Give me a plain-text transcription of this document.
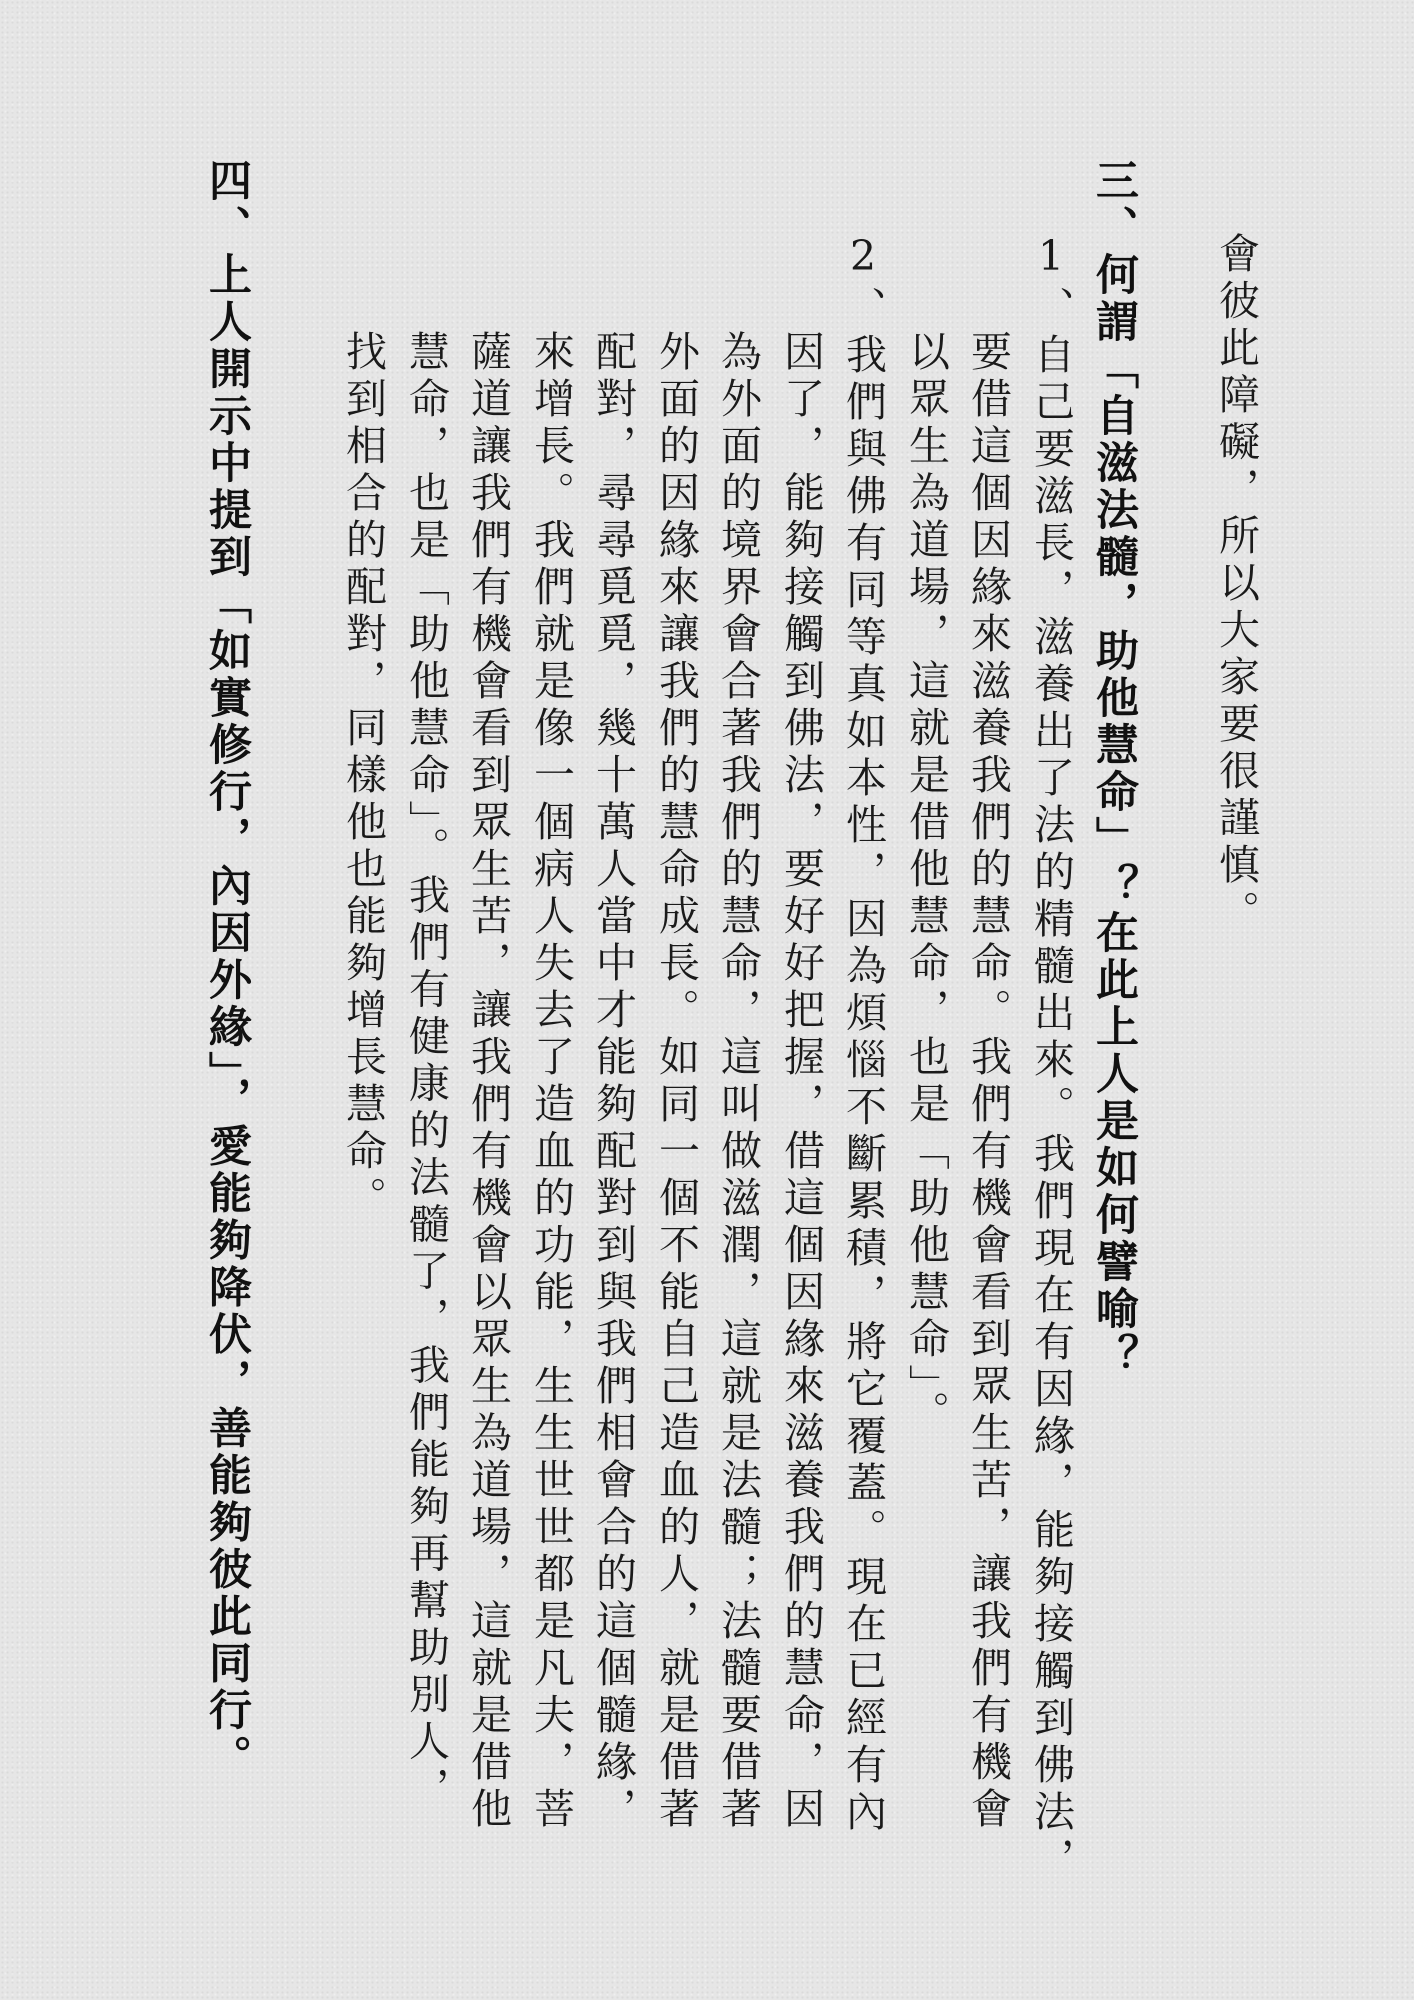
會彼此障礙，所以大家要很謹慎。
三、何謂「自滋法髓，助他慧命」？在此上人是如何譬喻？
1、自己要滋長，滋養出了法的精髓出來。我們現在有因緣，能夠接觸到佛法，
要借這個因緣來滋養我們的慧命。我們有機會看到眾生苦，讓我們有機會
以眾生為道場，這就是借他慧命，也是「助他慧命」。
2、我們與佛有同等真如本性，因為煩惱不斷累積，將它覆蓋。現在已經有內
因了，能夠接觸到佛法，要好好把握，借這個因緣來滋養我們的慧命，因
為外面的境界會合著我們的慧命，這叫做滋潤，這就是法髓；法髓要借著
外面的因緣來讓我們的慧命成長。如同一個不能自己造血的人，就是借著
配對，尋尋覓覓，幾十萬人當中才能夠配對到與我們相會合的這個髓緣，
來增長。我們就是像一個病人失去了造血的功能，生生世世都是凡夫，菩
薩道讓我們有機會看到眾生苦，讓我們有機會以眾生為道場，這就是借他
慧命，也是「助他慧命」。我們有健康的法髓了，我們能夠再幫助別人，
找到相合的配對，同樣他也能夠增長慧命。
四、上人開示中提到「如實修行，內因外緣」，愛能夠降伏，善能夠彼此同行。
